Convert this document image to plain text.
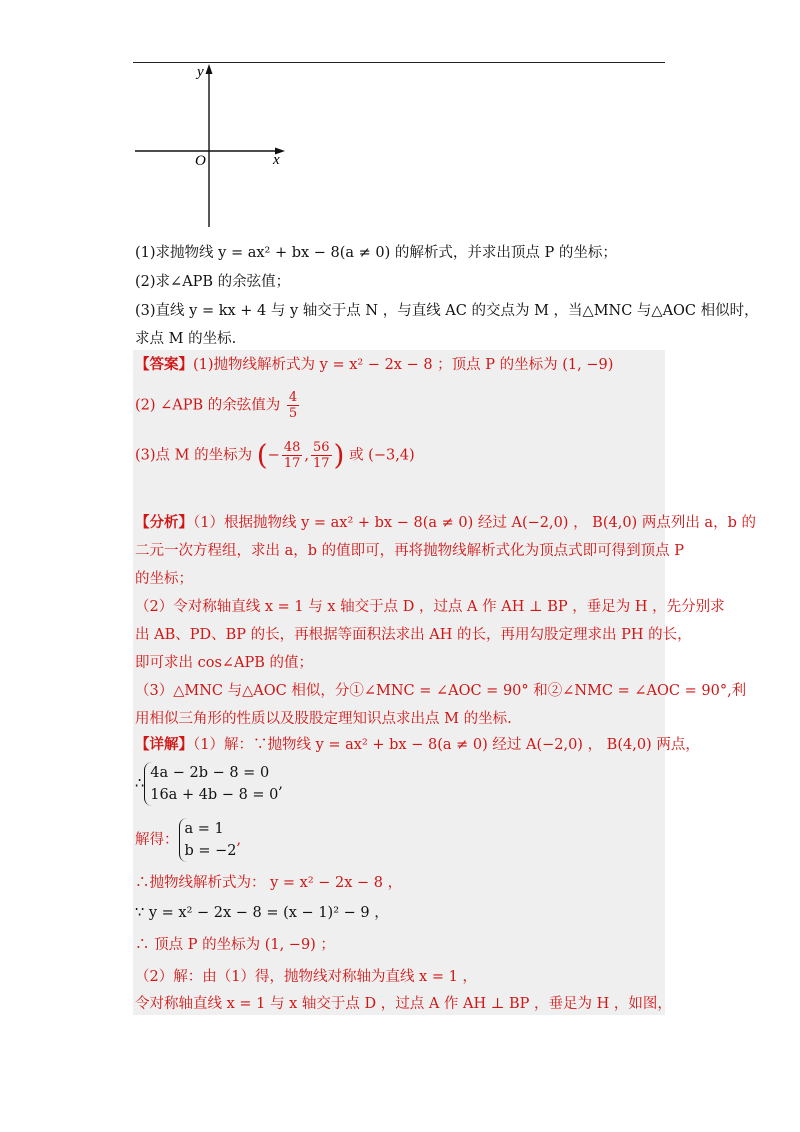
y
x
O
(1)求抛物线 y = ax² + bx − 8(a ≠ 0) 的解析式，并求出顶点 P 的坐标；
(2)求∠APB 的余弦值；
(3)直线 y = kx + 4 与 y 轴交于点 N ，与直线 AC 的交点为 M ，当△MNC 与△AOC 相似时，
求点 M 的坐标.
【答案】(1)抛物线解析式为 y = x² − 2x − 8 ；顶点 P 的坐标为 (1, −9)
(2) ∠APB 的余弦值为 $\frac{4}{5}$
(3)点 M 的坐标为 (− $\frac{48}{17}$ , $\frac{56}{17}$ ) 或 (−3,4)
【分析】（1）根据抛物线 y = ax² + bx − 8(a ≠ 0) 经过 A(−2,0) ， B(4,0) 两点列出 a，b 的
二元一次方程组，求出 a，b 的值即可，再将抛物线解析式化为顶点式即可得到顶点 P
的坐标；
（2）令对称轴直线 x = 1 与 x 轴交于点 D ，过点 A 作 AH ⊥ BP ，垂足为 H ，先分别求
出 AB、PD、BP 的长，再根据等面积法求出 AH 的长，再用勾股定理求出 PH 的长，
即可求出 cos∠APB 的值；
（3）△MNC 与△AOC 相似，分①∠MNC = ∠AOC = 90° 和②∠NMC = ∠AOC = 90°,利
用相似三角形的性质以及股股定理知识点求出点 M 的坐标.
【详解】（1）解：∵抛物线 y = ax² + bx − 8(a ≠ 0) 经过 A(−2,0) ， B(4,0) 两点，
∴
4a − 2b − 8 = 0
16a + 4b − 8 = 0
,
解得：
a = 1
b = −2
,
∴抛物线解析式为： y = x² − 2x − 8 ，
∵ y = x² − 2x − 8 = (x − 1)² − 9 ，
∴ 顶点 P 的坐标为 (1, −9) ；
（2）解：由（1）得，抛物线对称轴为直线 x = 1 ，
令对称轴直线 x = 1 与 x 轴交于点 D ，过点 A 作 AH ⊥ BP ，垂足为 H ，如图，
